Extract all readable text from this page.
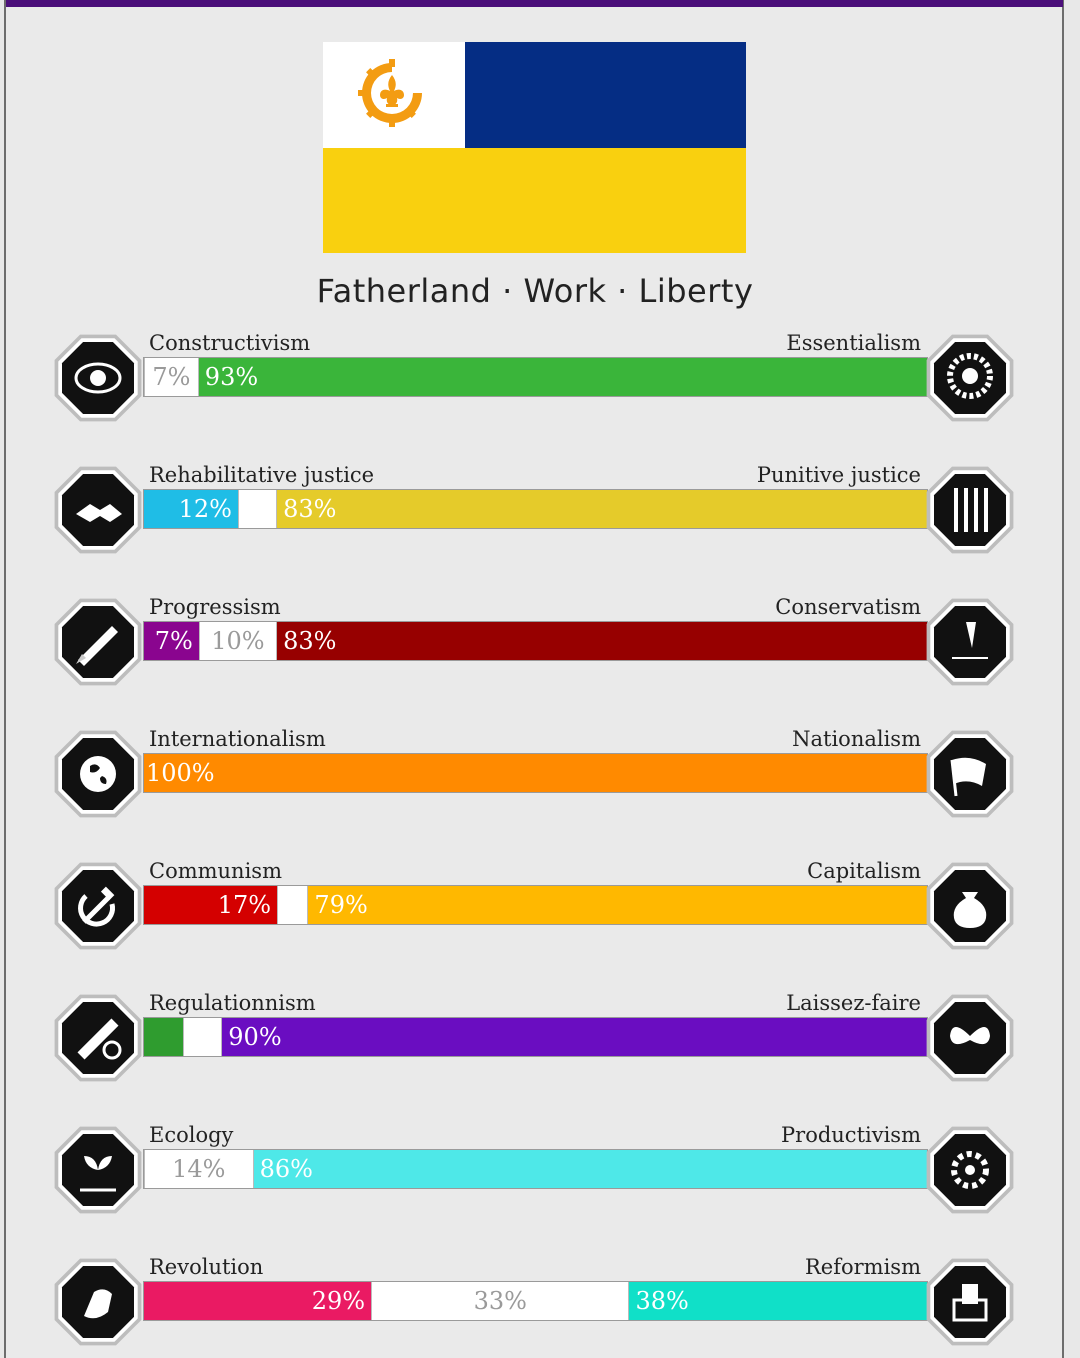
Fatherland · Work · Liberty
Constructivism	Essentialism
7% 93%
Rehabilitative justice	Punitive justice
12% 83%
Progressism	Conservatism
7% 10% 83%
Internationalism	Nationalism
100%
Communism	Capitalism
17% 79%
Regulationnism	Laissez-faire
90%
Ecology	Productivism
14%	86%
Revolution	Reformism
29%	33%	38%
